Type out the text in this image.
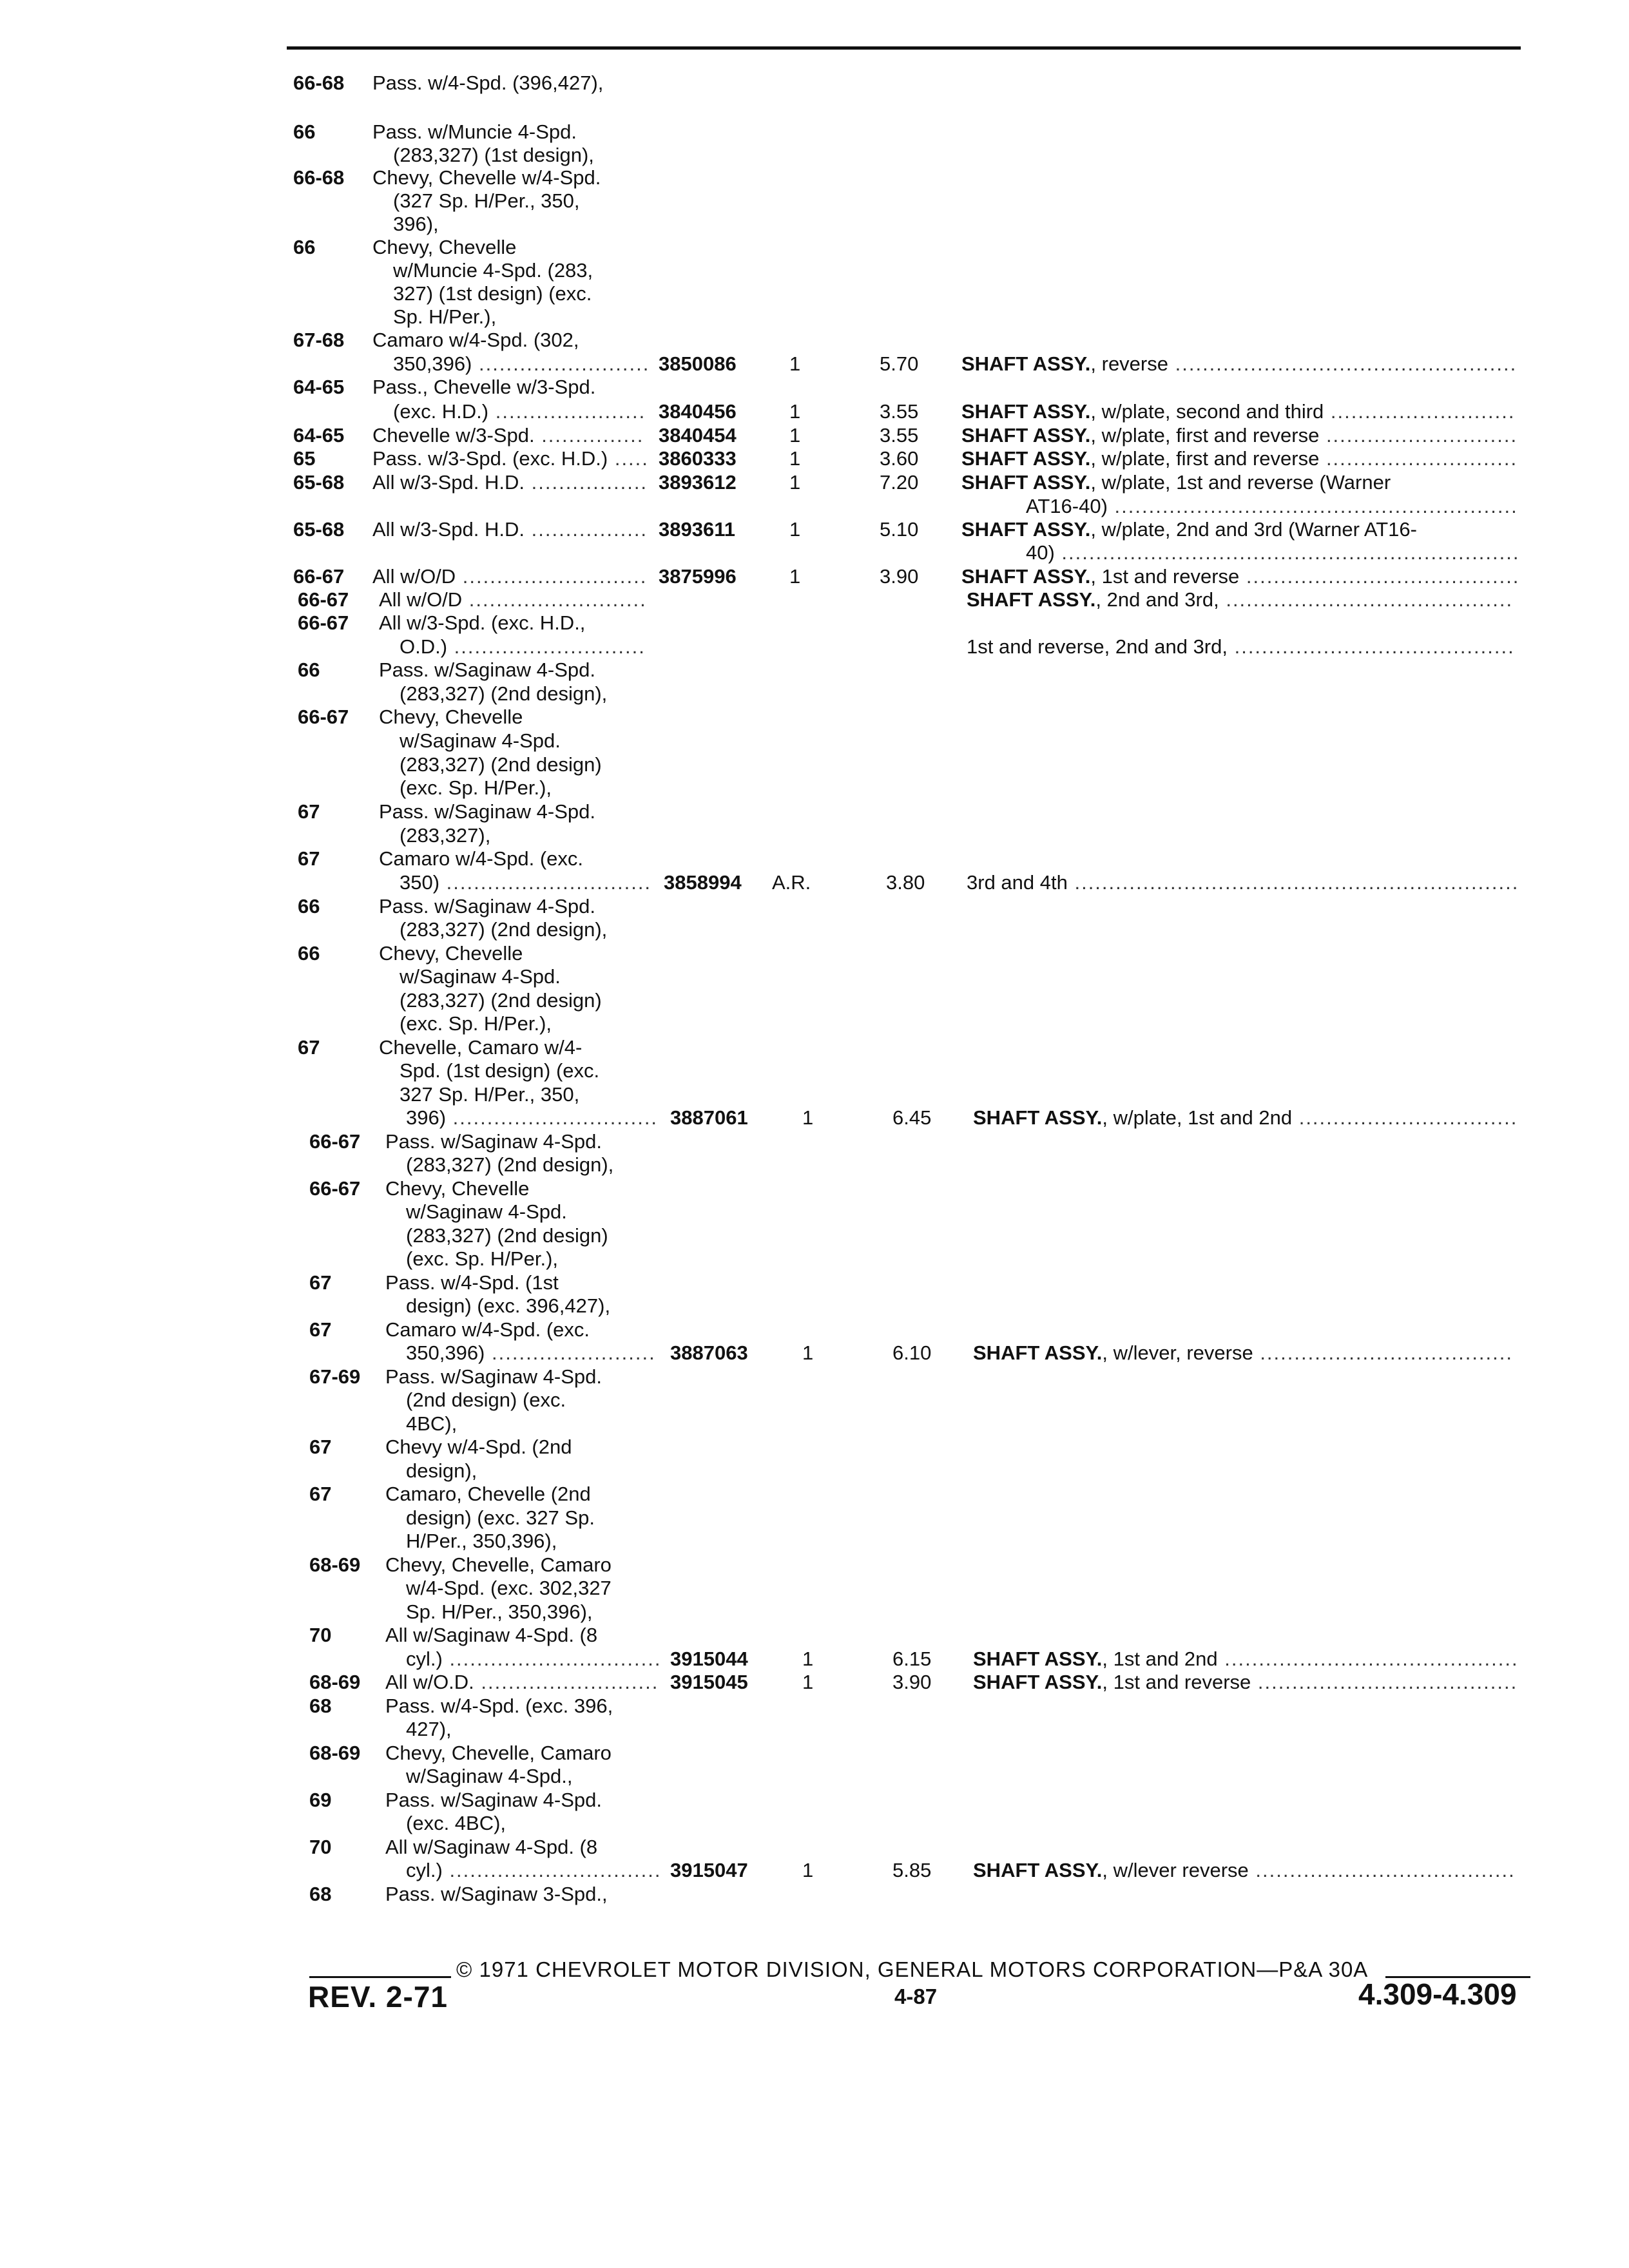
66-68 Pass. w/4-Spd. (396,427),
66	Pass. w/Muncie 4-Spd.
(283,327) (1st design),
66-68 Chevy, Chevelle w/4-Spd.
(327 Sp. H/Per., 350,
396),
66	Chevy, Chevelle
w/Muncie 4-Spd. (283,
327) (1st design) (exc.
Sp. H/Per.),
67-68 Camaro w/4-Spd. (302,
350,396) ......................... 3850086	1	5.70 SHAFT ASSY., reverse ..................................................
64-65 Pass., Chevelle w/3-Spd.
(exc. H.D.) ...................... 3840456	1	3.55 SHAFT ASSY., w/plate, second and third ...........................
64-65 Chevelle w/3-Spd. ............... 3840454	1	3.55 SHAFT ASSY., w/plate, first and reverse ............................
65	Pass. w/3-Spd. (exc. H.D.) ..... 3860333	1	3.60 SHAFT ASSY., w/plate, first and reverse ............................
65-68 All w/3-Spd. H.D. ................. 3893612	1	7.20 SHAFT ASSY., w/plate, 1st and reverse (Warner
AT16-40) ...........................................................
65-68 All w/3-Spd. H.D. ................. 3893611	1	5.10 SHAFT ASSY., w/plate, 2nd and 3rd (Warner AT16-
40) ...................................................................
66-67 All w/O/D ........................... 3875996	1	3.90 SHAFT ASSY., 1st and reverse ........................................
66-67 All w/O/D ..........................	SHAFT ASSY., 2nd and 3rd, ..........................................
66-67 All w/3-Spd. (exc. H.D.,
O.D.) ............................	1st and reverse, 2nd and 3rd, .........................................
66	Pass. w/Saginaw 4-Spd.
(283,327) (2nd design),
66-67 Chevy, Chevelle
w/Saginaw 4-Spd.
(283,327) (2nd design)
(exc. Sp. H/Per.),
67	Pass. w/Saginaw 4-Spd.
(283,327),
67	Camaro w/4-Spd. (exc.
350) .............................. 3858994 A.R.	3.80 3rd and 4th .................................................................
66	Pass. w/Saginaw 4-Spd.
(283,327) (2nd design),
66	Chevy, Chevelle
w/Saginaw 4-Spd.
(283,327) (2nd design)
(exc. Sp. H/Per.),
67	Chevelle, Camaro w/4-
Spd. (1st design) (exc.
327 Sp. H/Per., 350,
396) .............................. 3887061	1	6.45 SHAFT ASSY., w/plate, 1st and 2nd ................................
66-67 Pass. w/Saginaw 4-Spd.
(283,327) (2nd design),
66-67 Chevy, Chevelle
w/Saginaw 4-Spd.
(283,327) (2nd design)
(exc. Sp. H/Per.),
67	Pass. w/4-Spd. (1st
design) (exc. 396,427),
67	Camaro w/4-Spd. (exc.
350,396) ........................ 3887063	1	6.10 SHAFT ASSY., w/lever, reverse .....................................
67-69 Pass. w/Saginaw 4-Spd.
(2nd design) (exc.
4BC),
67	Chevy w/4-Spd. (2nd
design),
67	Camaro, Chevelle (2nd
design) (exc. 327 Sp.
H/Per., 350,396),
68-69 Chevy, Chevelle, Camaro
w/4-Spd. (exc. 302,327
Sp. H/Per., 350,396),
70	All w/Saginaw 4-Spd. (8
cyl.) ............................... 3915044	1	6.15 SHAFT ASSY., 1st and 2nd ...........................................
68-69 All w/O.D. .......................... 3915045	1	3.90 SHAFT ASSY., 1st and reverse ......................................
68	Pass. w/4-Spd. (exc. 396,
427),
68-69 Chevy, Chevelle, Camaro
w/Saginaw 4-Spd.,
69	Pass. w/Saginaw 4-Spd.
(exc. 4BC),
70	All w/Saginaw 4-Spd. (8
cyl.) ............................... 3915047	1	5.85 SHAFT ASSY., w/lever reverse ......................................
68	Pass. w/Saginaw 3-Spd.,
© 1971 CHEVROLET MOTOR DIVISION, GENERAL MOTORS CORPORATION—P&A 30A
REV. 2-71	4-87	4.309-4.309
